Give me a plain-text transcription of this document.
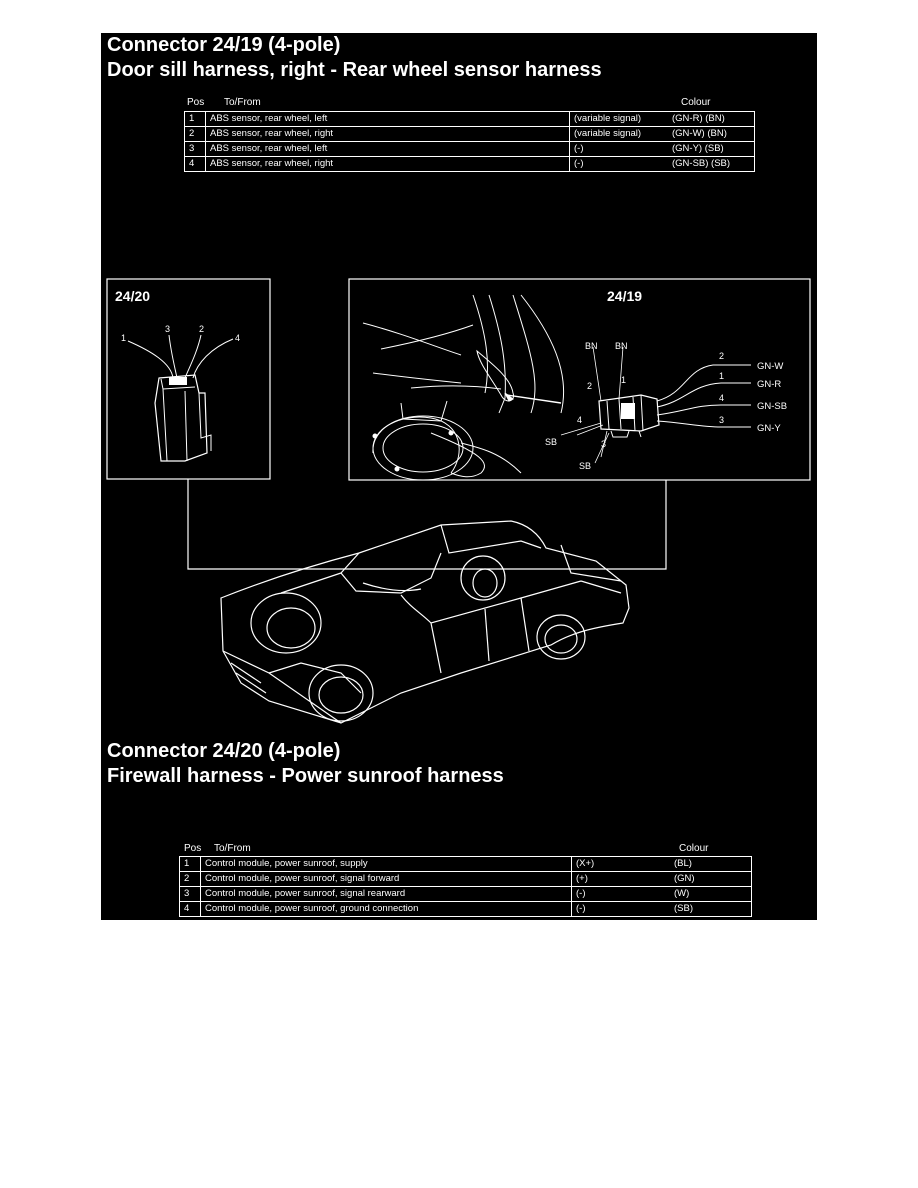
Connector 24/19 (4-pole)
Door sill harness, right - Rear wheel sensor harness
Pos To/From	Colour
1	ABS sensor, rear wheel, left	(variable signal)	(GN-R) (BN)
2	ABS sensor, rear wheel, right	(variable signal)	(GN-W) (BN)
3	ABS sensor, rear wheel, left	(-)	(GN-Y) (SB)
4	ABS sensor, rear wheel, right	(-)	(GN-SB) (SB)
24/20
1
3	2
4
24/19
BN BN
2
1
2
1
4
3
4
3
GN-W
GN-R
GN-SB
GN-Y
SB
SB
Connector 24/20 (4-pole)
Firewall harness - Power sunroof harness
Pos To/From	Colour
1	Control module, power sunroof, supply	(X+)	(BL)
2	Control module, power sunroof, signal forward	(+)	(GN)
3	Control module, power sunroof, signal rearward	(-)	(W)
4	Control module, power sunroof, ground connection	(-)	(SB)
